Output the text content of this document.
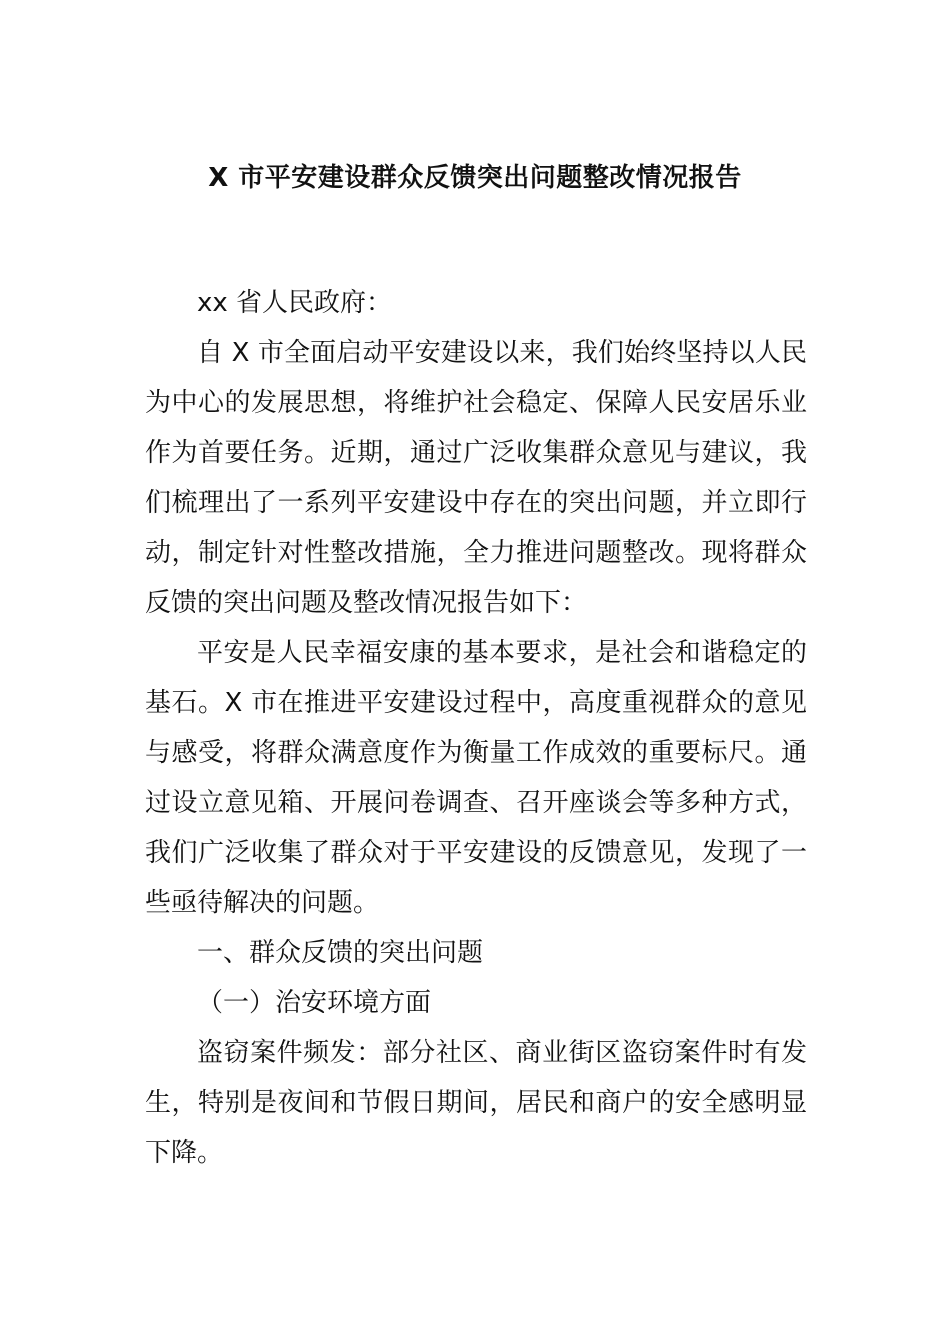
X 市平安建设群众反馈突出问题整改情况报告

xx 省人民政府：

自 X 市全面启动平安建设以来，我们始终坚持以人民为中心的发展思想，将维护社会稳定、保障人民安居乐业作为首要任务。近期，通过广泛收集群众意见与建议，我们梳理出了一系列平安建设中存在的突出问题，并立即行动，制定针对性整改措施，全力推进问题整改。现将群众反馈的突出问题及整改情况报告如下：

平安是人民幸福安康的基本要求，是社会和谐稳定的基石。X 市在推进平安建设过程中，高度重视群众的意见与感受，将群众满意度作为衡量工作成效的重要标尺。通过设立意见箱、开展问卷调查、召开座谈会等多种方式，我们广泛收集了群众对于平安建设的反馈意见，发现了一些亟待解决的问题。

一、群众反馈的突出问题

（一）治安环境方面

盗窃案件频发：部分社区、商业街区盗窃案件时有发生，特别是夜间和节假日期间，居民和商户的安全感明显下降。
